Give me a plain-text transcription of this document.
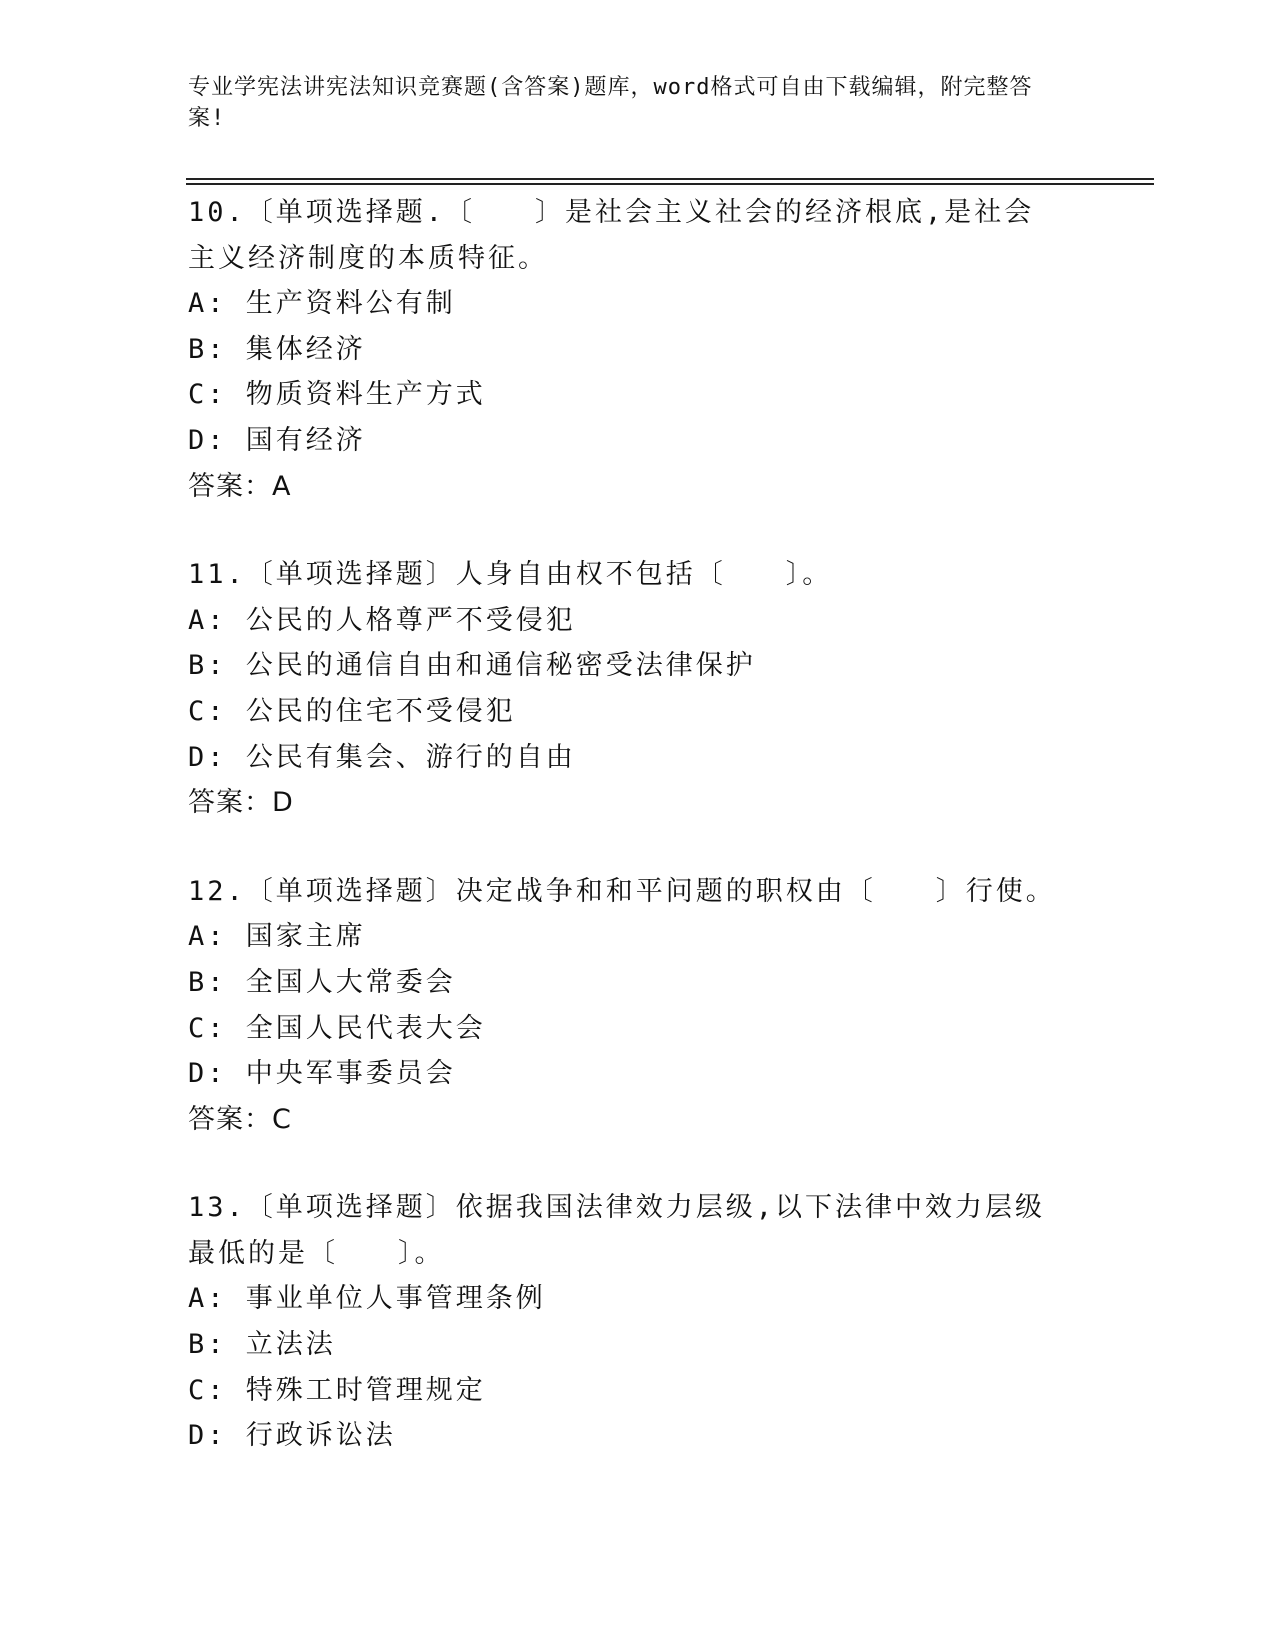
专业学宪法讲宪法知识竞赛题(含答案)题库，word格式可自由下载编辑，附完整答案!
10.〔单项选择题.〔　　〕是社会主义社会的经济根底,是社会主义经济制度的本质特征。
A: 生产资料公有制
B: 集体经济
C: 物质资料生产方式
D: 国有经济
答案：A
11.〔单项选择题〕人身自由权不包括〔　　〕。
A: 公民的人格尊严不受侵犯
B: 公民的通信自由和通信秘密受法律保护
C: 公民的住宅不受侵犯
D: 公民有集会、游行的自由
答案：D
12.〔单项选择题〕决定战争和和平问题的职权由〔　　〕行使。
A: 国家主席
B: 全国人大常委会
C: 全国人民代表大会
D: 中央军事委员会
答案：C
13.〔单项选择题〕依据我国法律效力层级,以下法律中效力层级最低的是〔　　〕。
A: 事业单位人事管理条例
B: 立法法
C: 特殊工时管理规定
D: 行政诉讼法
